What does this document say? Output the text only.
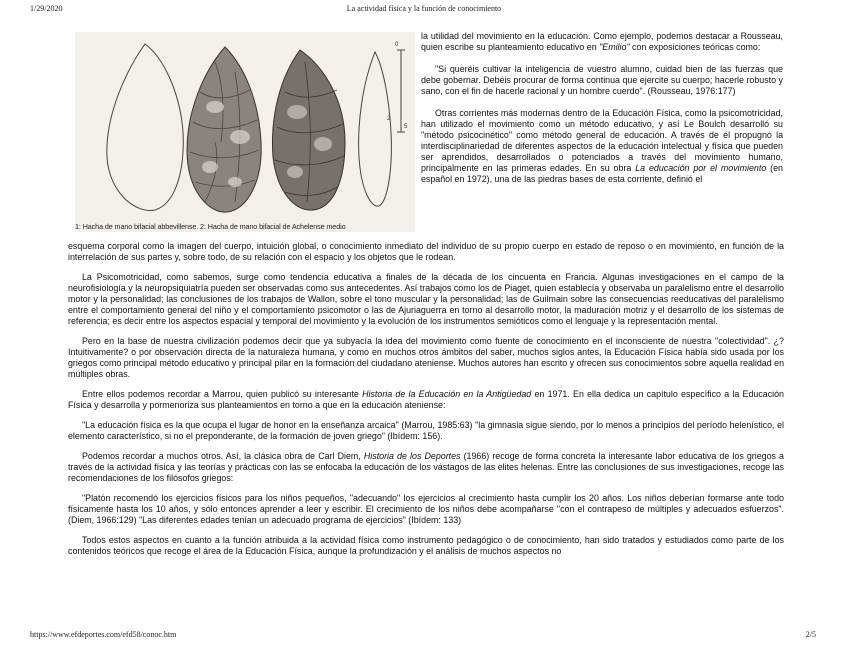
1/29/2020	La actividad física y la función de conocimiento
0
5
2
1: Hacha de mano bifacial abbevillense. 2: Hacha de mano bifacial de Achelense medio

la utilidad del movimiento en la educación. Como ejemplo, podemos destacar a Rousseau, quien escribe su planteamiento educativo en "Emilio" con exposiciones teóricas como:

"Si queréis cultivar la inteligencia de vuestro alumno, cuidad bien de las fuerzas que debe gobernar. Debéis procurar de forma continua que ejercite su cuerpo; hacerle robusto y sano, con el fin de hacerle racional y un hombre cuerdo". (Rousseau, 1976:177)

Otras corrientes más modernas dentro de la Educación Física, como la psicomotricidad, han utilizado el movimiento como un método educativo, y así Le Boulch desarrolló su "método psicocinético" como método general de educación. A través de él propugnó la interdisciplinariedad de diferentes aspectos de la educación intelectual y física que pueden ser aprendidos, desarrollados o potenciados a través del movimiento humano, principalmente en las primeras edades. En su obra La educación por el movimiento (en español en 1972), una de las piedras bases de esta corriente, definió el

esquema corporal como la imagen del cuerpo, intuición global, o conocimiento inmediato del individuo de su propio cuerpo en estado de reposo o en movimiento, en función de la interrelación de sus partes y, sobre todo, de su relación con el espacio y los objetos que le rodean.

La Psicomotricidad, como sabemos, surge como tendencia educativa a finales de la década de los cincuenta en Francia. Algunas investigaciones en el campo de la neurofisiología y la neuropsiquiatría pueden ser observadas como sus antecedentes. Así trabajos como los de Piaget, quien establecía y observaba un paralelismo entre el desarrollo motor y la personalidad; las conclusiones de los trabajos de Wallon, sobre el tono muscular y la personalidad; las de Guilmain sobre las consecuencias reeducativas del paralelismo entre el comportamiento general del niño y el comportamiento psicomotor o las de Ajuriaguerra en torno al desarrollo motor, la maduración motriz y el desarrollo de los sistemas de referencia; es decir entre los aspectos espacial y temporal del movimiento y la evolución de los instrumentos semióticos como el lenguaje y la representación mental.

Pero en la base de nuestra civilización podemos decir que ya subyacía la idea del movimiento como fuente de conocimiento en el inconsciente de nuestra "colectividad". ¿?Intuitivamente? o por observación directa de la naturaleza humana, y como en muchos otros ámbitos del saber, muchos siglos antes, la Educación Física había sido usada por los griegos como principal método educativo y principal pilar en la formación del ciudadano ateniense. Muchos autores han escrito y ofrecen sus conocimientos sobre aquella realidad en múltiples obras.

Entre ellos podemos recordar a Marrou, quien publicó su interesante Historia de la Educación en la Antigüedad en 1971. En ella dedica un capítulo específico a la Educación Física y desarrolla y pormenoriza sus planteamientos en torno a que en la educación ateniense:

"La educación física es la que ocupa el lugar de honor en la enseñanza arcaica" (Marrou, 1985:63) "la gimnasia sigue siendo, por lo menos a principios del período helenístico, el elemento característico, si no el preponderante, de la formación de joven griego" (Ibídem: 156).

Podemos recordar a muchos otros. Así, la clásica obra de Carl Diem, Historia de los Deportes (1966) recoge de forma concreta la interesante labor educativa de los griegos a través de la actividad física y las teorías y prácticas con las se enfocaba la educación de los vástagos de las elites helenas. Entre las conclusiones de sus investigaciones, recoge las recomendaciones de los filósofos griegos:

"Platón recomendó los ejercicios físicos para los niños pequeños, "adecuando" los ejercicios al crecimiento hasta cumplir los 20 años. Los niños deberían formarse ante todo físicamente hasta los 10 años, y sólo entonces aprender a leer y escribir. El crecimiento de los niños debe acompañarse "con el contrapeso de múltiples y adecuados esfuerzos". (Diem, 1966:129) "Las diferentes edades tenían un adecuado programa de ejercicios" (Ibídem: 133)

Todos estos aspectos en cuanto a la función atribuida a la actividad física como instrumento pedagógico o de conocimiento, han sido tratados y estudiados como parte de los contenidos teóricos que recoge el área de la Educación Física, aunque la profundización y el análisis de muchos aspectos no

https://www.efdeportes.com/efd58/conoc.htm	2/5
